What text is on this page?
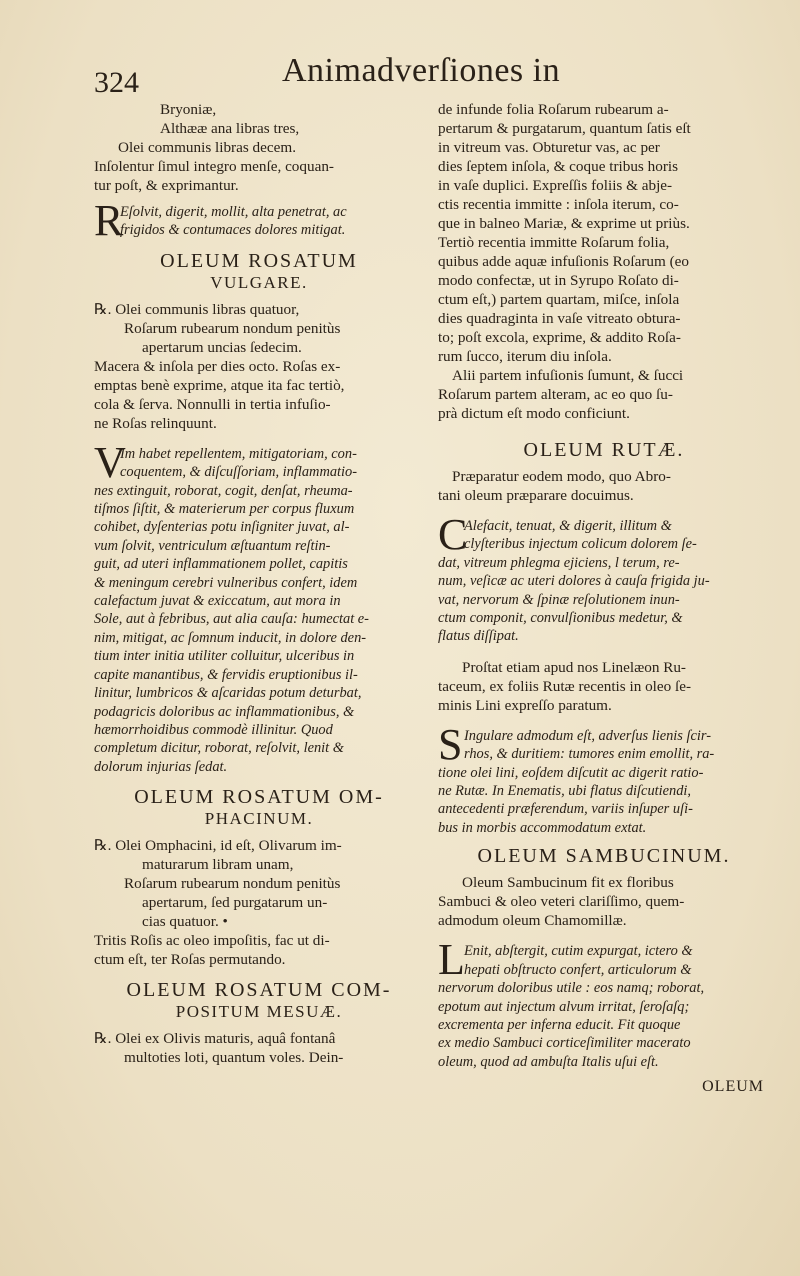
324	Animadverſiones in
Bryoniæ,
Althææ ana libras tres,
Olei communis libras decem.
Inſolentur ſimul integro menſe, coquan-
tur poſt, & exprimantur.
R
Eſolvit, digerit, mollit, alta penetrat, ac
frigidos & contumaces dolores mitigat.
OLEUM ROSATUM
VULGARE.
℞. Olei communis libras quatuor,
Roſarum rubearum nondum penitùs
apertarum uncias ſedecim.
Macera & inſola per dies octo. Roſas ex-
emptas benè exprime, atque ita fac tertiò,
cola & ſerva. Nonnulli in tertia infuſio-
ne Roſas relinquunt.
V
Im habet repellentem, mitigatoriam, con-
coquentem, & diſcuſſoriam, inflammatio-
nes extinguit, roborat, cogit, denſat, rheuma-
tiſmos ſiſtit, & materierum per corpus fluxum
cohibet, dyſenterias potu inſigniter juvat, al-
vum ſolvit, ventriculum æſtuantum reſtin-
guit, ad uteri inflammationem pollet, capitis
& meningum cerebri vulneribus confert, idem
calefactum juvat & exiccatum, aut mora in
Sole, aut à febribus, aut alia cauſa: humectat e-
nim, mitigat, ac ſomnum inducit, in dolore den-
tium inter initia utiliter colluitur, ulceribus in
capite manantibus, & fervidis eruptionibus il-
linitur, lumbricos & aſcaridas potum deturbat,
podagricis doloribus ac inflammationibus, &
hæmorrhoidibus commodè illinitur. Quod
completum dicitur, roborat, reſolvit, lenit &
dolorum injurias ſedat.
OLEUM ROSATUM OM-
PHACINUM.
℞. Olei Omphacini, id eſt, Olivarum im-
maturarum libram unam,
Roſarum rubearum nondum penitùs
apertarum, ſed purgatarum un-
cias quatuor. •
Tritis Roſis ac oleo impoſitis, fac ut di-
ctum eſt, ter Roſas permutando.
OLEUM ROSATUM COM-
POSITUM MESUÆ.
℞. Olei ex Olivis maturis, aquâ fontanâ
multoties loti, quantum voles. Dein-
de infunde folia Roſarum rubearum a-
pertarum & purgatarum, quantum ſatis eſt
in vitreum vas. Obturetur vas, ac per
dies ſeptem inſola, & coque tribus horis
in vaſe duplici. Expreſſis foliis & abje-
ctis recentia immitte : inſola iterum, co-
que in balneo Mariæ, & exprime ut priùs.
Tertiò recentia immitte Roſarum folia,
quibus adde aquæ infuſionis Roſarum (eo
modo confectæ, ut in Syrupo Roſato di-
ctum eſt,) partem quartam, miſce, inſola
dies quadraginta in vaſe vitreato obtura-
to; poſt excola, exprime, & addito Roſa-
rum ſucco, iterum diu inſola.
Alii partem infuſionis ſumunt, & ſucci
Roſarum partem alteram, ac eo quo ſu-
prà dictum eſt modo conficiunt.
OLEUM RUTÆ.
Præparatur eodem modo, quo Abro-
tani oleum præparare docuimus.
C
Alefacit, tenuat, & digerit, illitum &
clyſteribus injectum colicum dolorem ſe-
dat, vitreum phlegma ejiciens, l terum, re-
num, veſicæ ac uteri dolores à cauſa frigida ju-
vat, nervorum & ſpinæ reſolutionem inun-
ctum componit, convulſionibus medetur, &
flatus diſſipat.
Proſtat etiam apud nos Linelæon Ru-
taceum, ex foliis Rutæ recentis in oleo ſe-
minis Lini expreſſo paratum.
S Ingulare admodum eſt, adverſus lienis ſcir-
rhos, & duritiem: tumores enim emollit, ra-
tione olei lini, eoſdem diſcutit ac digerit ratio-
ne Rutæ. In Enematis, ubi flatus diſcutiendi,
antecedenti præferendum, variis inſuper uſi-
bus in morbis accommodatum extat.
OLEUM SAMBUCINUM.
Oleum Sambucinum fit ex floribus
Sambuci & oleo veteri clariſſimo, quem-
admodum oleum Chamomillæ.
L Enit, abſtergit, cutim expurgat, ictero &
hepati obſtructo confert, articulorum &
nervorum doloribus utile : eos namq; roborat,
epotum aut injectum alvum irritat, ſeroſaſq;
excrementa per inferna educit. Fit quoque
ex medio Sambuci corticeſimiliter macerato
oleum, quod ad ambuſta Italis uſui eſt.
OLEUM
